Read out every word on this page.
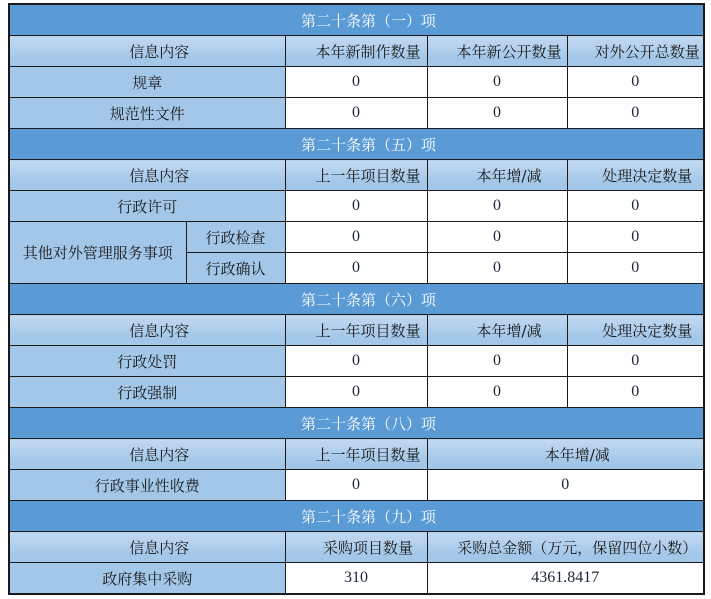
第二十条第（一）项				
信息内容		本年新制作数量	本年新公开数量	对外公开总数量
规章		0	0	0
规范性文件		0	0	0
第二十条第（五）项				
信息内容		上一年项目数量	本年增/减	处理决定数量
行政许可		0	0	0
其他对外管理服务事项	行政检查	0	0	0
	行政确认	0	0	0
第二十条第（六）项				
信息内容		上一年项目数量	本年增/减	处理决定数量
行政处罚		0	0	0
行政强制		0	0	0
第二十条第（八）项				
信息内容		上一年项目数量	本年增/减	
行政事业性收费		0	0	
第二十条第（九）项				
信息内容		采购项目数量	采购总金额（万元，保留四位小数）	
政府集中采购		310	4361.8417	
